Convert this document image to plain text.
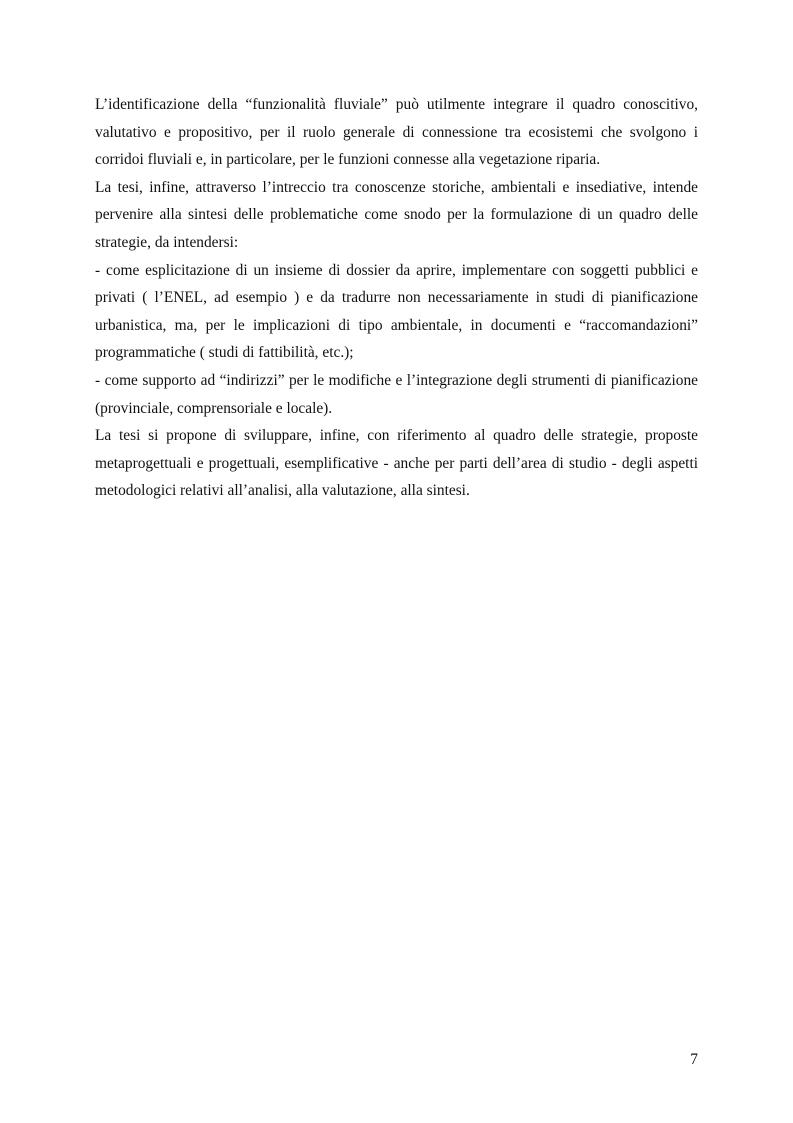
L’identificazione della “funzionalità fluviale” può utilmente integrare il quadro conoscitivo, valutativo e propositivo, per il ruolo generale di connessione tra ecosistemi che svolgono i corridoi fluviali e, in particolare, per le funzioni connesse alla vegetazione riparia.

La tesi, infine, attraverso l’intreccio tra conoscenze storiche, ambientali e insediative, intende pervenire alla sintesi delle problematiche come snodo per la formulazione di un quadro delle strategie, da intendersi:

- come esplicitazione di un insieme di dossier da aprire, implementare con soggetti pubblici e privati ( l’ENEL, ad esempio ) e da tradurre non necessariamente in studi di pianificazione urbanistica, ma, per le implicazioni di tipo ambientale, in documenti e “raccomandazioni” programmatiche ( studi di fattibilità, etc.);

- come supporto ad “indirizzi” per le modifiche e l’integrazione degli strumenti di pianificazione (provinciale, comprensoriale e locale).

La tesi si propone di sviluppare, infine, con riferimento al quadro delle strategie, proposte metaprogettuali e progettuali, esemplificative - anche per parti dell’area di studio - degli aspetti metodologici relativi all’analisi, alla valutazione, alla sintesi.

7
